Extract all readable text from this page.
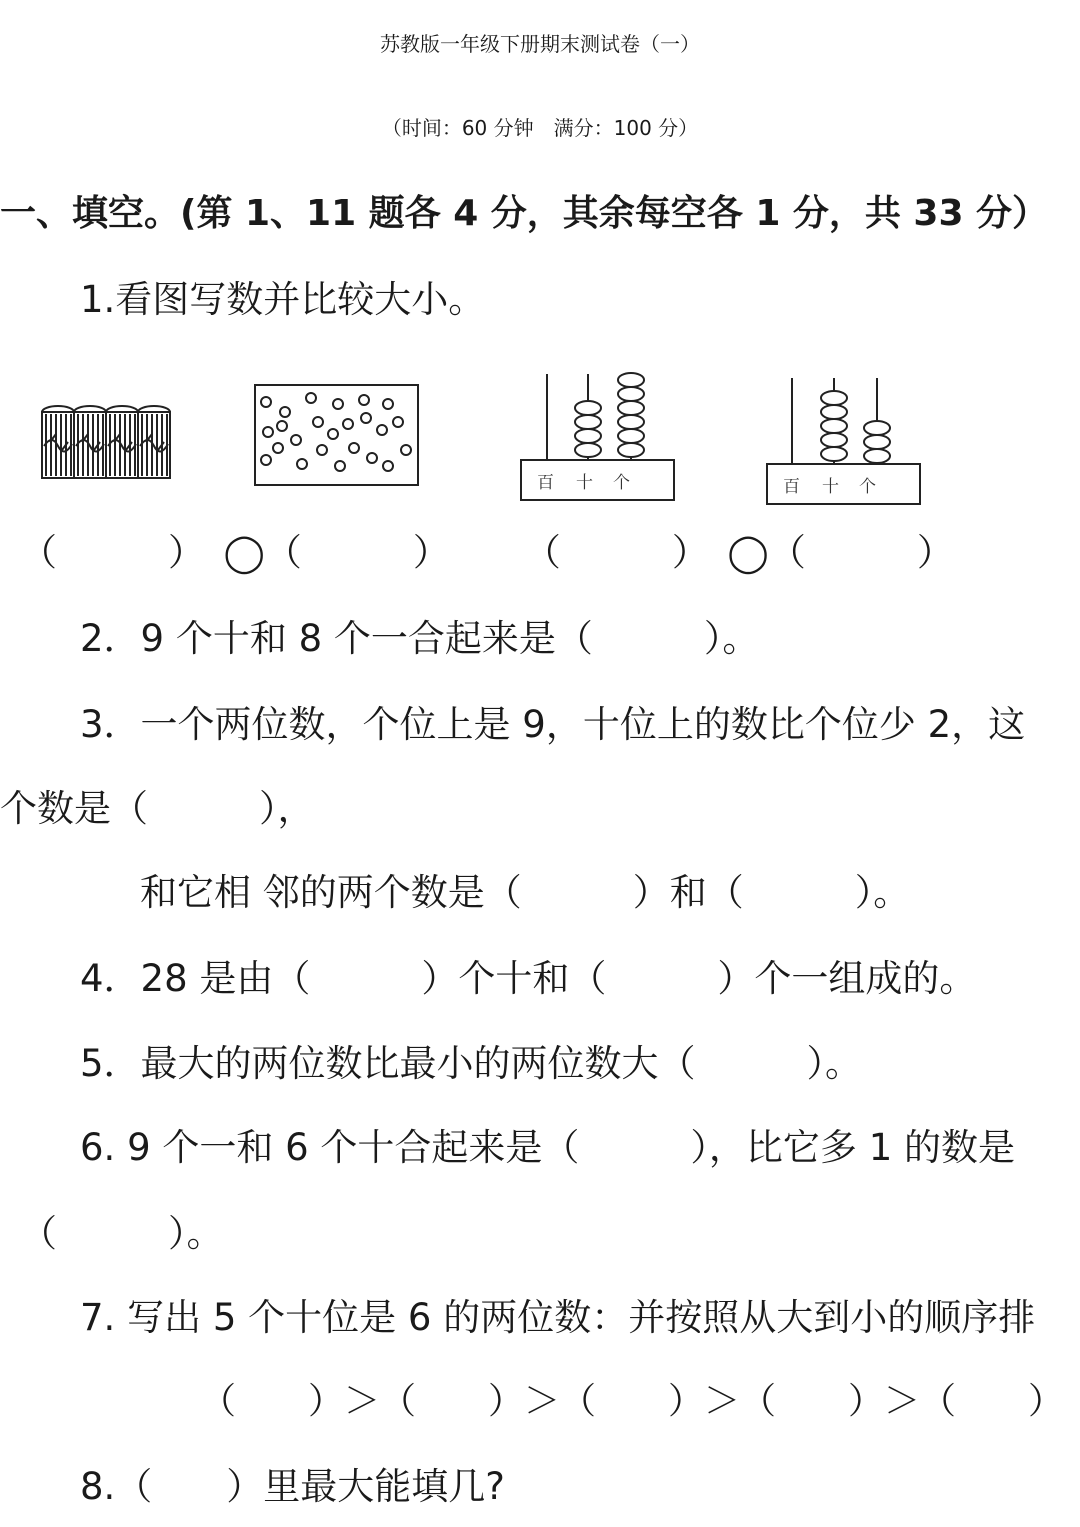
苏教版一年级下册期末测试卷（一）
（时间：60 分钟　满分：100 分）
一、填空。(第 1、11 题各 4 分，其余每空各 1 分，共 33 分）
1.看图写数并比较大小。
百 十 个	百 十 个
（　　　）　◯（　　　）　　　（　　　）　◯（　　　）
2．9 个十和 8 个一合起来是（　　　）。
3．一个两位数，个位上是 9，十位上的数比个位少 2，这
个数是（　　　），
和它相 邻的两个数是（　　　）和（　　　）。
4．28 是由（　　　）个十和（　　　）个一组成的。
5．最大的两位数比最小的两位数大（　　　）。
6. 9 个一和 6 个十合起来是（　　　），比它多 1 的数是
（　　　）。
7. 写出 5 个十位是 6 的两位数：并按照从大到小的顺序排
（　　）＞（　　）＞（　　）＞（　　）＞（　　）
8.（　　）里最大能填几?
